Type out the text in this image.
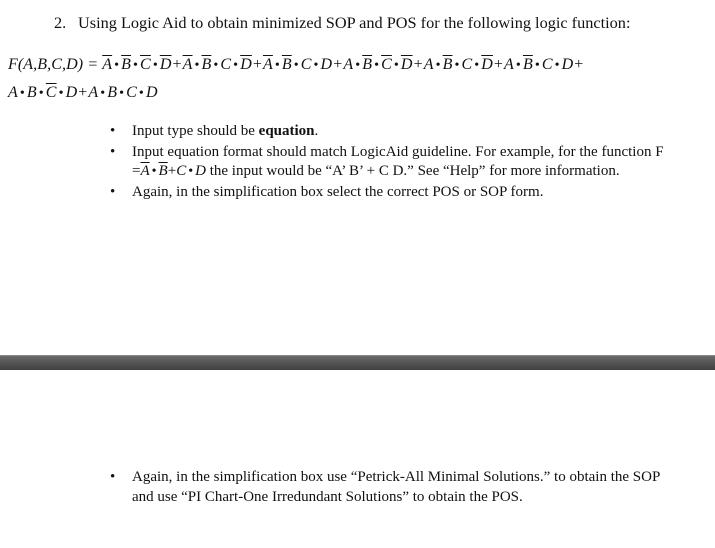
2. Using Logic Aid to obtain minimized SOP and POS for the following logic function:
$F(A,B,C,D) = \overline{A}$ • $\overline{B}$ • $\overline{C}$ • $\overline{D}+\overline{A}$ • $\overline{B}$ • C • $\overline{D}+\overline{A}$ • $\overline{B}$ • C • D+A • $\overline{B}$ • $\overline{C}$ • $\overline{D}+A$ • $\overline{B}$ • C • $\overline{D}+A$ • $\overline{B}$ • C • D+
A • B • $\overline{C}$ • D+A • B • C • D
• Input type should be equation.
• Input equation format should match LogicAid guideline. For example, for the function $F =\overline{A}$ • $\overline{B}+C$ • D the input would be “A’ B’ + C D.” See “Help” for more information.
• Again, in the simplification box select the correct POS or SOP form.
• Again, in the simplification box use “Petrick-All Minimal Solutions.” to obtain the SOP and use “PI Chart-One Irredundant Solutions” to obtain the POS.
